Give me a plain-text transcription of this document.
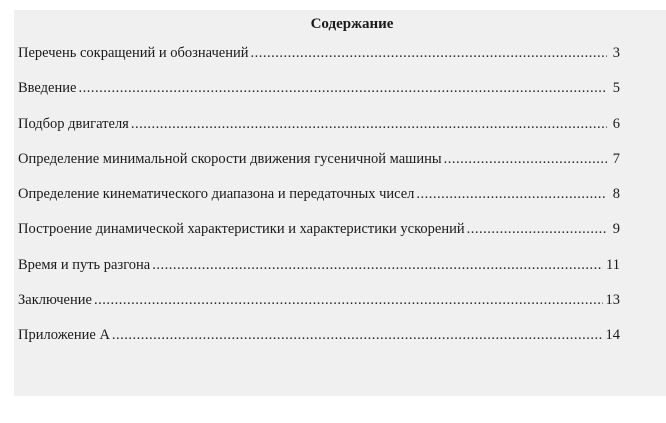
Содержание
Перечень сокращений и обозначений .....	3
Введение .....	5
Подбор двигателя .....	6
Определение минимальной скорости движения гусеничной машины .....	7
Определение кинематического диапазона и передаточных чисел .....	8
Построение динамической характеристики и характеристики ускорений .....	9
Время и путь разгона .....	11
Заключение .....	13
Приложение А .....	14
